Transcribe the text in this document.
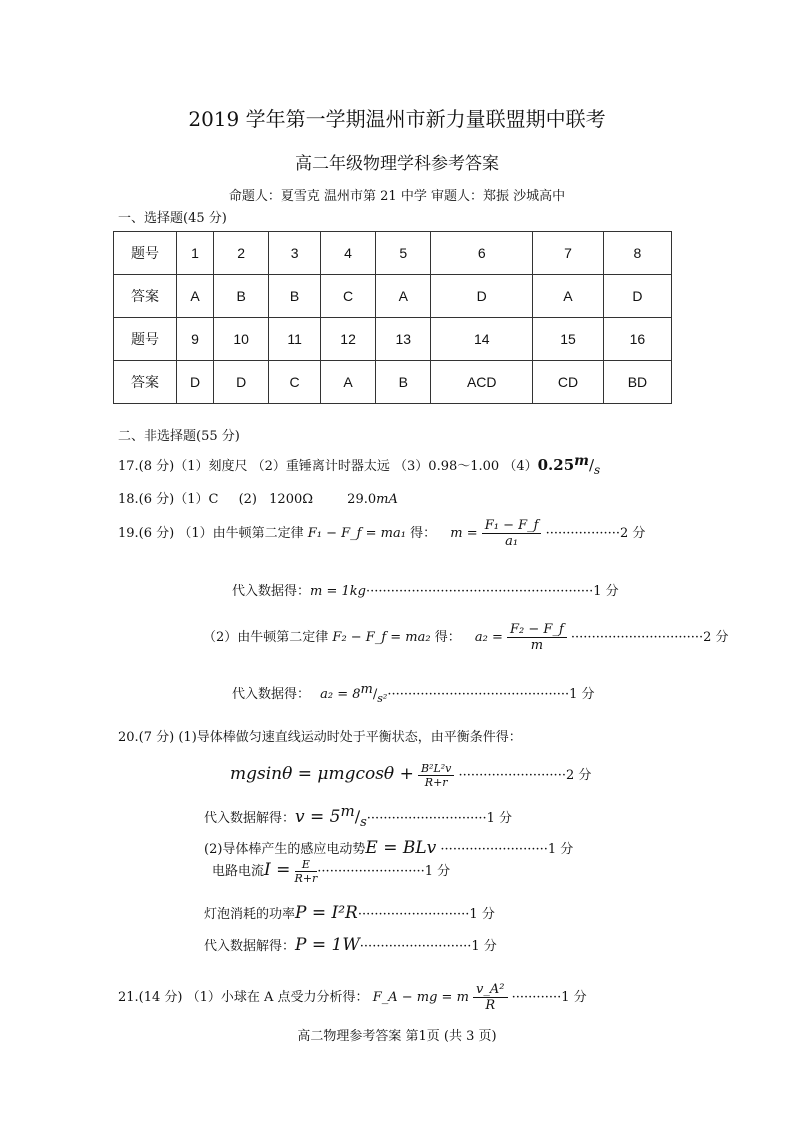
2019 学年第一学期温州市新力量联盟期中联考
高二年级物理学科参考答案
命题人：夏雪克 温州市第 21 中学 审题人：郑振 沙城高中
一、选择题(45 分)
题号	1	2	3	4	5	6	7	8
答案	A	B	B	C	A	D	A	D
题号	9	10	11	12	13	14	15	16
答案	D	D	C	A	B	ACD	CD	BD
二、非选择题(55 分)
17.(8 分)（1）刻度尺 （2）重锤离计时器太远 （3）0.98～1.00 （4）0.25m∕s
18.(6 分)（1）C (2) 1200Ω	29.0mA
19.(6 分) （1）由牛顿第二定律 F₁ − F_f = ma₁ 得： $m = \frac{\text{F₁ − F\_f}}{\text{a₁}} \cdot\cdot\cdot\cdot\cdot\cdot\cdot\cdot\cdot\cdot\cdot\cdot\cdot\cdot\cdot\cdot\cdot\cdot 2$ 分
代入数据得：m = 1kg·······················································1 分
（2）由牛顿第二定律 F₂ − F_f = ma₂ 得： $a_2 = \frac{\text{F₂ − F\_f}}{m} \cdot\cdot\cdot\cdot\cdot\cdot\cdot\cdot\cdot\cdot\cdot\cdot\cdot\cdot\cdot\cdot\cdot\cdot\cdot\cdot\cdot\cdot\cdot\cdot\cdot\cdot\cdot\cdot\cdot\cdot\cdot\cdot 2$ 分
代入数据得： $a_2 = 8m∕_{s^2}\cdot\cdot\cdot\cdot\cdot\cdot\cdot\cdot\cdot\cdot\cdot\cdot\cdot\cdot\cdot\cdot\cdot\cdot\cdot\cdot\cdot\cdot\cdot\cdot\cdot\cdot\cdot\cdot\cdot\cdot\cdot\cdot\cdot\cdot\cdot\cdot\cdot\cdot\cdot\cdot\cdot\cdot\cdot\cdot 1$ 分
20.(7 分) (1)导体棒做匀速直线运动时处于平衡状态，由平衡条件得：
$mgsin\theta = \mu mgcos\theta + \frac{\text{B²L²v}}{R+r} \cdot\cdot\cdot\cdot\cdot\cdot\cdot\cdot\cdot\cdot\cdot\cdot\cdot\cdot\cdot\cdot\cdot\cdot\cdot\cdot\cdot\cdot\cdot\cdot\cdot\cdot 2$ 分
代入数据解得：v = 5m∕s·····························1 分
(2)导体棒产生的感应电动势E = BLv ··························1 分
电路电流$I = \frac{E}{R+r} \cdot\cdot\cdot\cdot\cdot\cdot\cdot\cdot\cdot\cdot\cdot\cdot\cdot\cdot\cdot\cdot\cdot\cdot\cdot\cdot\cdot\cdot\cdot\cdot\cdot\cdot 1$ 分
灯泡消耗的功率P = I²R···························1 分
代入数据解得：P = 1W···························1 分
21.(14 分) （1）小球在 A 点受力分析得： F_A − mg = m $\frac{\text{v\_A²}}{R} \cdot\cdot\cdot\cdot\cdot\cdot\cdot\cdot\cdot\cdot\cdot\cdot 1$ 分
高二物理参考答案 第1页 (共 3 页)
